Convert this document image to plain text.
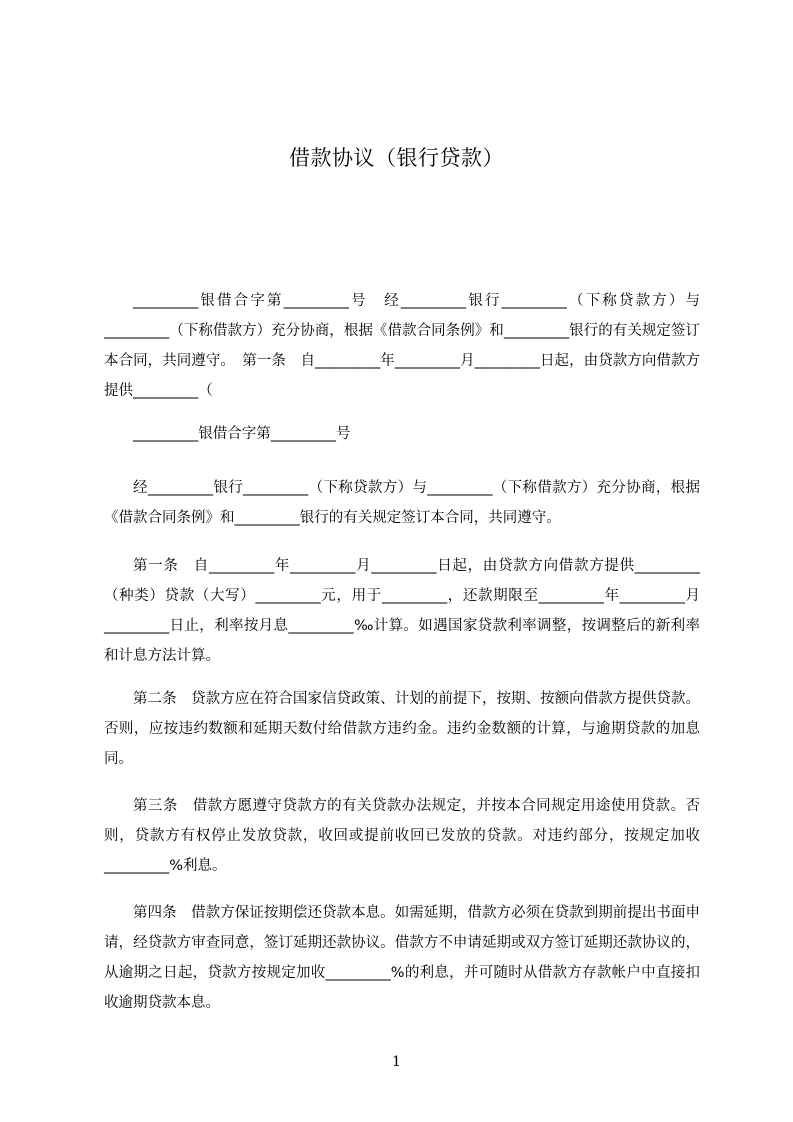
借款协议（银行贷款）

_________银借合字第_________号　经_________银行_________（下称贷款方）与_________（下称借款方）充分协商，根据《借款合同条例》和_________银行的有关规定签订本合同，共同遵守。　第一条　自_________年_________月_________日起，由贷款方向借款方提供_________（

_________银借合字第_________号

经_________银行_________（下称贷款方）与_________（下称借款方）充分协商，根据《借款合同条例》和_________银行的有关规定签订本合同，共同遵守。

第一条　自_________年_________月_________日起，由贷款方向借款方提供_________（种类）贷款（大写）_________元，用于_________，还款期限至_________年_________月_________日止，利率按月息_________‰计算。如遇国家贷款利率调整，按调整后的新利率和计息方法计算。

第二条　贷款方应在符合国家信贷政策、计划的前提下，按期、按额向借款方提供贷款。否则，应按违约数额和延期天数付给借款方违约金。违约金数额的计算，与逾期贷款的加息同。

第三条　借款方愿遵守贷款方的有关贷款办法规定，并按本合同规定用途使用贷款。否则，贷款方有权停止发放贷款，收回或提前收回已发放的贷款。对违约部分，按规定加收_________%利息。

第四条　借款方保证按期偿还贷款本息。如需延期，借款方必须在贷款到期前提出书面申请，经贷款方审查同意，签订延期还款协议。借款方不申请延期或双方签订延期还款协议的，从逾期之日起，贷款方按规定加收_________%的利息，并可随时从借款方存款帐户中直接扣收逾期贷款本息。

1
